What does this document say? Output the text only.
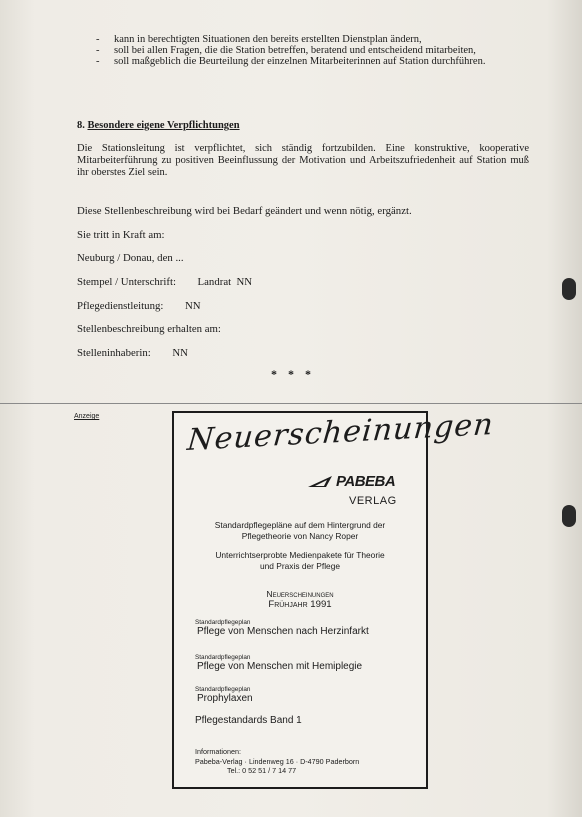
- kann in berechtigten Situationen den bereits erstellten Dienstplan ändern,
- soll bei allen Fragen, die die Station betreffen, beratend und entscheidend mitarbeiten,
- soll maßgeblich die Beurteilung der einzelnen Mitarbeiterinnen auf Station durchführen.
8. Besondere eigene Verpflichtungen
Die Stationsleitung ist verpflichtet, sich ständig fortzubilden. Eine konstruktive, kooperative Mitarbeiterführung zu positiven Beeinflussung der Motivation und Arbeitszufriedenheit auf Station muß ihr oberstes Ziel sein.
Diese Stellenbeschreibung wird bei Bedarf geändert und wenn nötig, ergänzt.
Sie tritt in Kraft am:
Neuburg / Donau, den ...
Stempel / Unterschrift:        Landrat  NN
Pflegedienstleitung:        NN
Stellenbeschreibung erhalten am:
Stelleninhaberin:        NN
* * *
Anzeige	Neuerscheinungen
PABEBA
VERLAG
Standardpflegepläne auf dem Hintergrund der
Pflegetheorie von Nancy Roper
Unterrichtserprobte Medienpakete für Theorie
und Praxis der Pflege
Neuerscheinungen
Frühjahr 1991
Standardpflegeplan
Pflege von Menschen nach Herzinfarkt
Standardpflegeplan
Pflege von Menschen mit Hemiplegie
Standardpflegeplan
Prophylaxen
Pflegestandards Band 1
Informationen:
Pabeba-Verlag · Lindenweg 16 · D-4790 Paderborn
Tel.: 0 52 51 / 7 14 77
